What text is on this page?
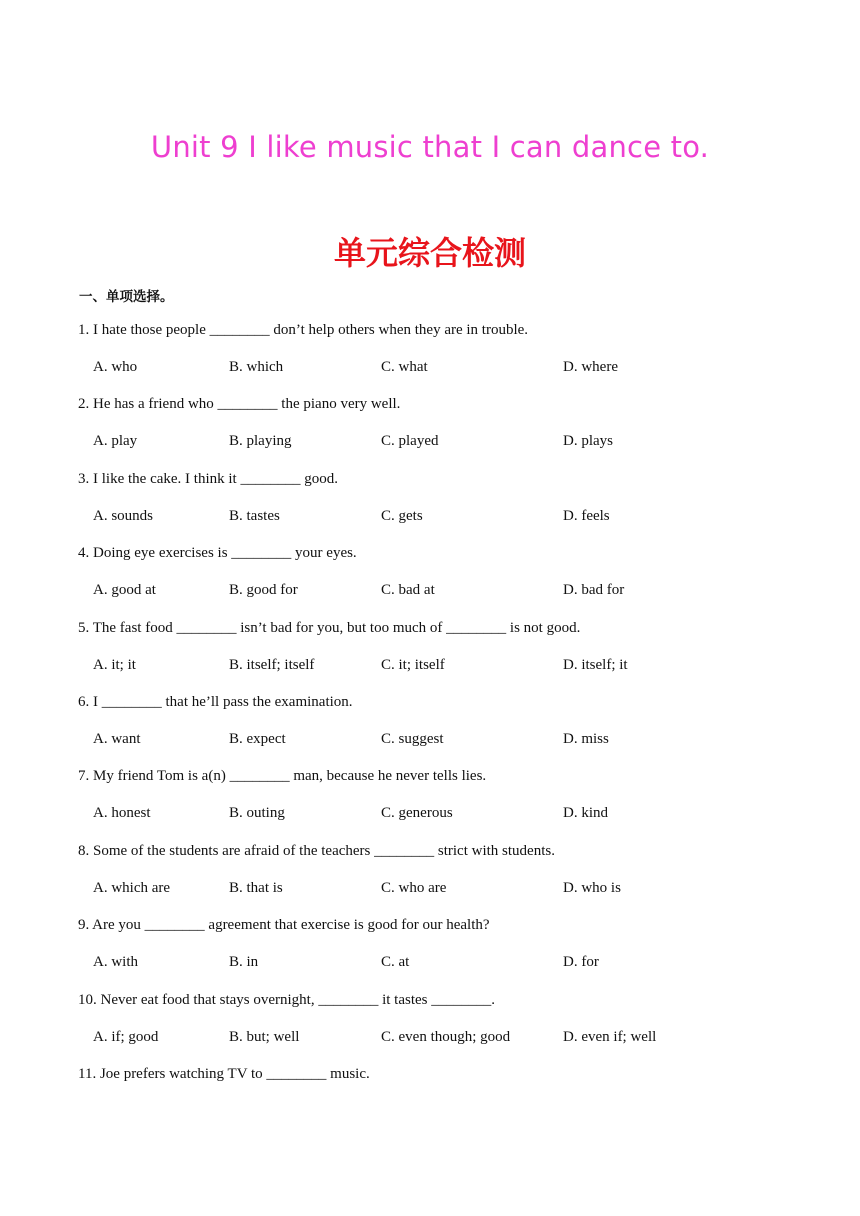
Unit 9 I like music that I can dance to.
单元综合检测
一、单项选择。
1. I hate those people ________ don’t help others when they are in trouble.
A. who	B. which	C. what	D. where
2. He has a friend who ________ the piano very well.
A. play	B. playing	C. played	D. plays
3. I like the cake. I think it ________ good.
A. sounds	B. tastes	C. gets	D. feels
4. Doing eye exercises is ________ your eyes.
A. good at	B. good for	C. bad at	D. bad for
5. The fast food ________ isn’t bad for you, but too much of ________ is not good.
A. it; it	B. itself; itself	C. it; itself	D. itself; it
6. I ________ that he’ll pass the examination.
A. want	B. expect	C. suggest	D. miss
7. My friend Tom is a(n) ________ man, because he never tells lies.
A. honest	B. outing	C. generous	D. kind
8. Some of the students are afraid of the teachers ________ strict with students.
A. which are	B. that is	C. who are	D. who is
9. Are you ________ agreement that exercise is good for our health?
A. with	B. in	C. at	D. for
10. Never eat food that stays overnight, ________ it tastes ________.
A. if; good	B. but; well	C. even though; good	D. even if; well
11. Joe prefers watching TV to ________ music.
